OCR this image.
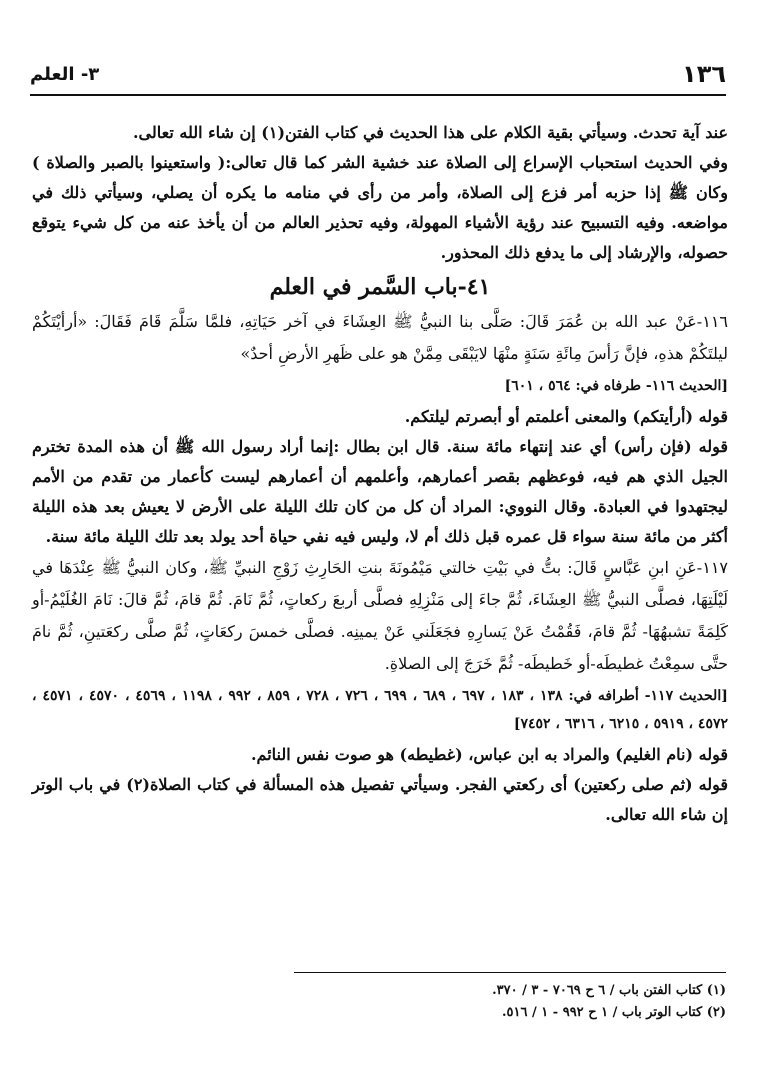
١٣٦
٣- العلم

عند آية تحدث. وسيأتي بقية الكلام على هذا الحديث في كتاب الفتن(١) إن شاء الله تعالى.

وفي الحديث استحباب الإسراع إلى الصلاة عند خشية الشر كما قال تعالى:( واستعينوا بالصبر والصلاة ) وكان ﷺ إذا حزبه أمر فزع إلى الصلاة، وأمر من رأى في منامه ما يكره أن يصلي، وسيأتي ذلك في مواضعه. وفيه التسبيح عند رؤية الأشياء المهولة، وفيه تحذير العالم من أن يأخذ عنه من كل شيء يتوقع حصوله، والإرشاد إلى ما يدفع ذلك المحذور.

٤١-باب السَّمر في العلم

١١٦-عَنْ عبد الله بن عُمَرَ قَالَ: صَلَّى بنا النبيُّ ﷺ العِشَاءَ في آخر حَيَاتِهِ، فلمَّا سَلَّمَ قَامَ فَقَالَ: «أرأيْتَكُمْ ليلتَكُمْ هذهِ، فإنَّ رَأسَ مِائَةِ سَنَةٍ منْهَا لايَبْقَى مِمَّنْ هو على ظَهرِ الأرضِ أحدٌ»

[الحديث ١١٦- طرفاه في: ٥٦٤ ، ٦٠١]

قوله (أرأيتكم) والمعنى أعلمتم أو أبصرتم ليلتكم.

قوله (فإن رأس) أي عند إنتهاء مائة سنة. قال ابن بطال :إنما أراد رسول الله ﷺ أن هذه المدة تخترم الجيل الذي هم فيه، فوعظهم بقصر أعمارهم، وأعلمهم أن أعمارهم ليست كأعمار من تقدم من الأمم ليجتهدوا في العبادة. وقال النووي: المراد أن كل من كان تلك الليلة على الأرض لا يعيش بعد هذه الليلة أكثر من مائة سنة سواء قل عمره قبل ذلك أم لا، وليس فيه نفي حياة أحد يولد بعد تلك الليلة مائة سنة.

١١٧-عَنِ ابنِ عَبَّاسٍ قَالَ: بتُّ في بَيْتِ خالتي مَيْمُونَةَ بنتِ الحَارِثِ زَوْجِ النبيِّ ﷺ، وكان النبيُّ ﷺ عِنْدَهَا في لَيْلَتِهَا، فصلَّى النبيُّ ﷺ العِشَاءَ، ثُمَّ جاءَ إلى مَنْزِلِهِ فصلَّى أربعَ ركعاتٍ، ثُمَّ نَامَ. ثُمَّ قامَ، ثُمَّ قالَ: نَامَ الغُلَيْمُ-أو كَلِمَةً تشبهُهَا- ثُمَّ قامَ، فَقُمْتُ عَنْ يَسارِهِ فجَعَلَني عَنْ يمينِه. فصلَّى خمسَ ركعَاتٍ، ثُمَّ صلَّى ركعَتينِ، ثُمَّ نامَ حتَّى سمِعْتُ غطيطَه-أو خَطيطَه- ثُمَّ خَرَجَ إلى الصلاةِ.

[الحديث ١١٧- أطرافه في: ١٣٨ ، ١٨٣ ، ٦٩٧ ، ٦٨٩ ، ٦٩٩ ، ٧٢٦ ، ٧٢٨ ، ٨٥٩ ، ٩٩٢ ، ١١٩٨ ، ٤٥٦٩ ، ٤٥٧٠ ، ٤٥٧١ ، ٤٥٧٢ ، ٥٩١٩ ، ٦٢١٥ ، ٦٣١٦ ، ٧٤٥٢]

قوله (نام الغليم) والمراد به ابن عباس، (غطيطه) هو صوت نفس النائم.

قوله (ثم صلى ركعتين) أى ركعتي الفجر. وسيأتي تفصيل هذه المسألة في كتاب الصلاة(٢) في باب الوتر إن شاء الله تعالى.

(١) كتاب الفتن باب / ٦ ح ٧٠٦٩ - ٣ / ٣٧٠.
(٢) كتاب الوتر باب / ١ ح ٩٩٢ - ١ / ٥١٦.
